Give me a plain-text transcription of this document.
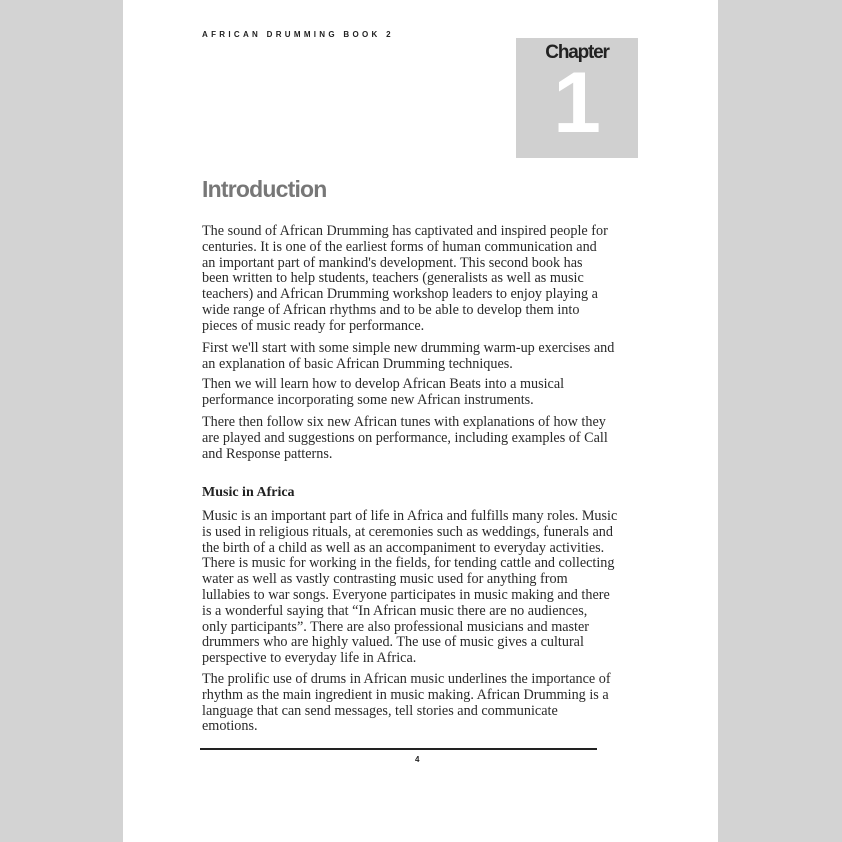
AFRICAN DRUMMING BOOK 2
Chapter
1
Introduction
The sound of African Drumming has captivated and inspired people for
centuries. It is one of the earliest forms of human communication and
an important part of mankind's development. This second book has
been written to help students, teachers (generalists as well as music
teachers) and African Drumming workshop leaders to enjoy playing a
wide range of African rhythms and to be able to develop them into
pieces of music ready for performance.
First we'll start with some simple new drumming warm-up exercises and
an explanation of basic African Drumming techniques.
Then we will learn how to develop African Beats into a musical
performance incorporating some new African instruments.
There then follow six new African tunes with explanations of how they
are played and suggestions on performance, including examples of Call
and Response patterns.
Music in Africa
Music is an important part of life in Africa and fulfills many roles. Music
is used in religious rituals, at ceremonies such as weddings, funerals and
the birth of a child as well as an accompaniment to everyday activities.
There is music for working in the fields, for tending cattle and collecting
water as well as vastly contrasting music used for anything from
lullabies to war songs. Everyone participates in music making and there
is a wonderful saying that “In African music there are no audiences,
only participants”. There are also professional musicians and master
drummers who are highly valued. The use of music gives a cultural
perspective to everyday life in Africa.
The prolific use of drums in African music underlines the importance of
rhythm as the main ingredient in music making. African Drumming is a
language that can send messages, tell stories and communicate
emotions.
4
